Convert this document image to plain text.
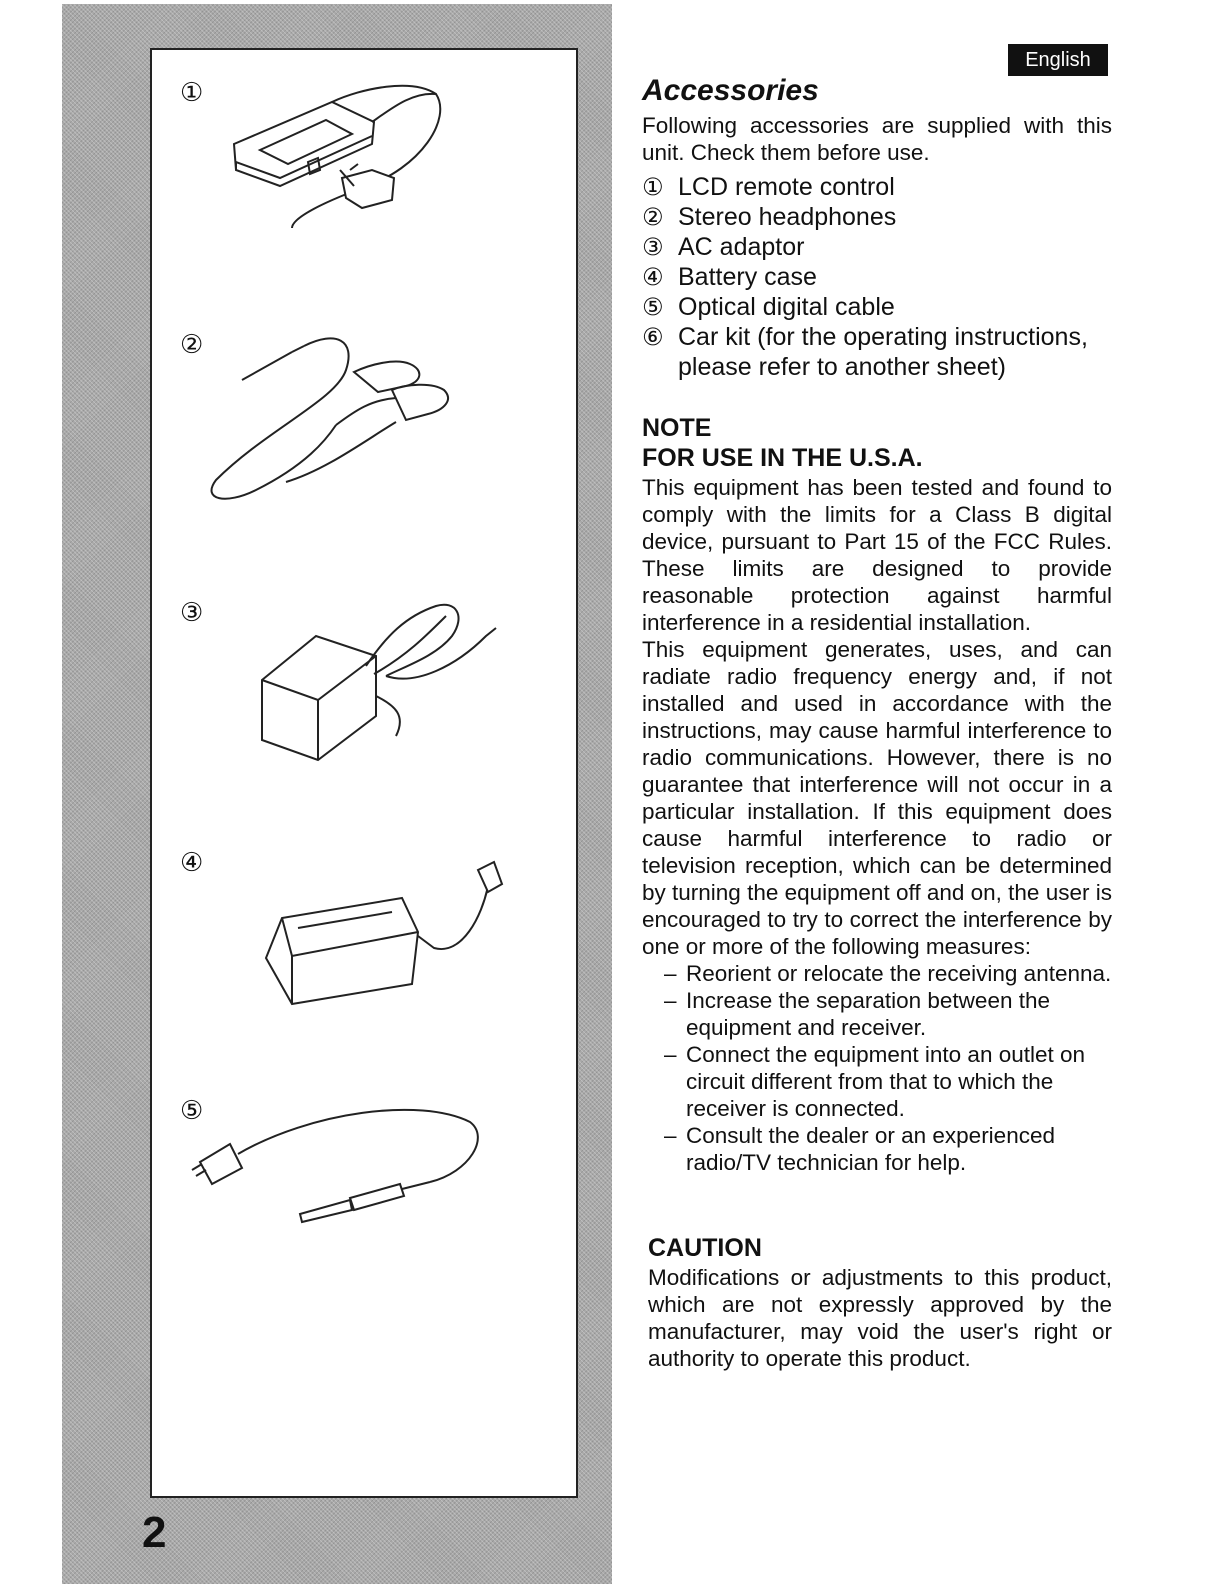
2
①
②
③
④
⑤
English
Accessories

Following accessories are supplied with this unit. Check them before use.

① LCD remote control
② Stereo headphones
③ AC adaptor
④ Battery case
⑤ Optical digital cable
⑥ Car kit (for the operating instructions, please refer to another sheet)
NOTE
FOR USE IN THE U.S.A.

This equipment has been tested and found to comply with the limits for a Class B digital device, pursuant to Part 15 of the FCC Rules. These limits are designed to provide reasonable protection against harmful interference in a residential installation.

This equipment generates, uses, and can radiate radio frequency energy and, if not installed and used in accordance with the instructions, may cause harmful interference to radio communications. However, there is no guarantee that interference will not occur in a particular installation. If this equipment does cause harmful interference to radio or television reception, which can be determined by turning the equipment off and on, the user is encouraged to try to correct the interference by one or more of the following measures:

– Reorient or relocate the receiving antenna.
– Increase the separation between the equipment and receiver.
– Connect the equipment into an outlet on circuit different from that to which the receiver is connected.
– Consult the dealer or an experienced radio/TV technician for help.
CAUTION

Modifications or adjustments to this product, which are not expressly approved by the manufacturer, may void the user's right or authority to operate this product.
